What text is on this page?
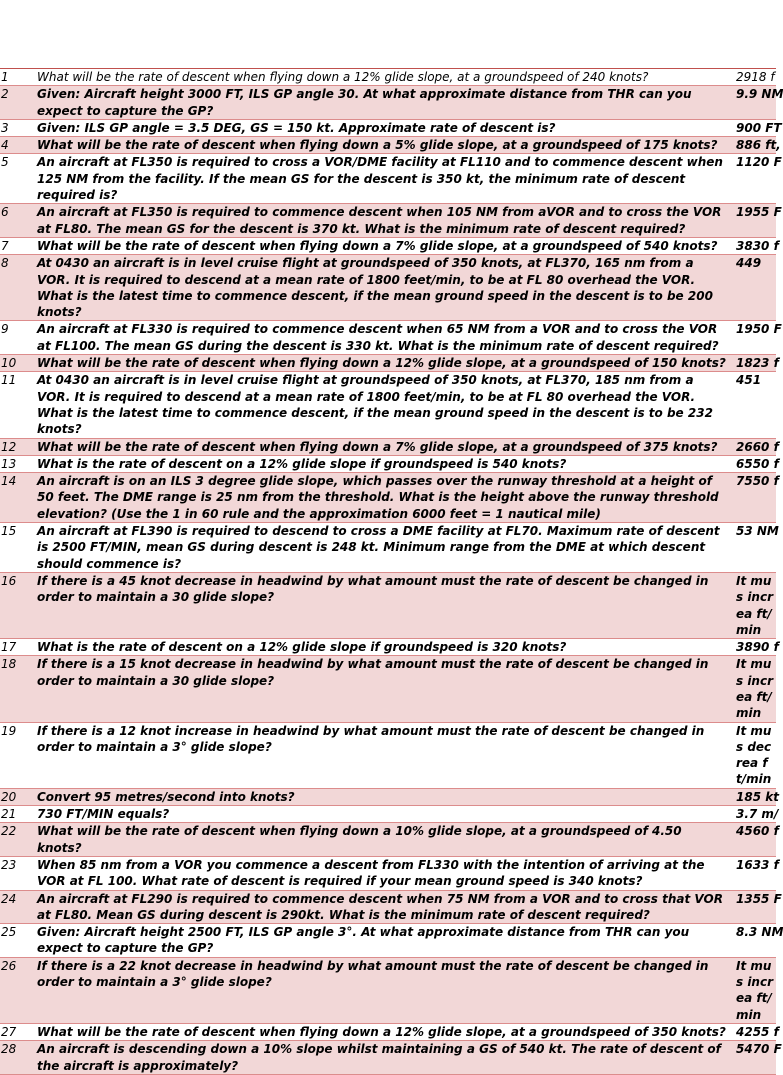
1	What will be the rate of descent when flying down a 12% glide slope, at a groundspeed of 240 knots?	2918 f
2	Given: Aircraft height 3000 FT, ILS GP angle 30. At what approximate distance from THR can you expect to capture the GP?	9.9 NM
3	Given: ILS GP angle = 3.5 DEG, GS = 150 kt. Approximate rate of descent is?	900 FT
4	What will be the rate of descent when flying down a 5% glide slope, at a groundspeed of 175 knots?	886 ft,
5	An aircraft at FL350 is required to cross a VOR/DME facility at FL110 and to commence descent when 125 NM from the facility. If the mean GS for the descent is 350 kt, the minimum rate of descent required is?	1120 F
6	An aircraft at FL350 is required to commence descent when 105 NM from aVOR and to cross the VOR at FL80. The mean GS for the descent is 370 kt. What is the minimum rate of descent required?	1955 F
7	What will be the rate of descent when flying down a 7% glide slope, at a groundspeed of 540 knots?	3830 f
8	At 0430 an aircraft is in level cruise flight at groundspeed of 350 knots, at FL370, 165 nm from a VOR. It is required to descend at a mean rate of 1800 feet/min, to be at FL 80 overhead the VOR. What is the latest time to commence descent, if the mean ground speed in the descent is to be 200 knots?	449
9	An aircraft at FL330 is required to commence descent when 65 NM from a VOR and to cross the VOR at FL100. The mean GS during the descent is 330 kt. What is the minimum rate of descent required?	1950 F
10	What will be the rate of descent when flying down a 12% glide slope, at a groundspeed of 150 knots?	1823 f
11	At 0430 an aircraft is in level cruise flight at groundspeed of 350 knots, at FL370, 185 nm from a VOR. It is required to descend at a mean rate of 1800 feet/min, to be at FL 80 overhead the VOR. What is the latest time to commence descent, if the mean ground speed in the descent is to be 232 knots?	451
12	What will be the rate of descent when flying down a 7% glide slope, at a groundspeed of 375 knots?	2660 f
13	What is the rate of descent on a 12% glide slope if groundspeed is 540 knots?	6550 f
14	An aircraft is on an ILS 3 degree glide slope, which passes over the runway threshold at a height of 50 feet. The DME range is 25 nm from the threshold. What is the height above the runway threshold elevation? (Use the 1 in 60 rule and the approximation 6000 feet = 1 nautical mile)	7550 f
15	An aircraft at FL390 is required to descend to cross a DME facility at FL70. Maximum rate of descent is 2500 FT/MIN, mean GS during descent is 248 kt. Minimum range from the DME at which descent should commence is?	53 NM
16	If there is a 45 knot decrease in headwind by what amount must the rate of descent be changed in order to maintain a 30 glide slope?	It mus increa ft/min
17	What is the rate of descent on a 12% glide slope if groundspeed is 320 knots?	3890 f
18	If there is a 15 knot decrease in headwind by what amount must the rate of descent be changed in order to maintain a 30 glide slope?	It mus increa ft/min
19	If there is a 12 knot increase in headwind by what amount must the rate of descent be changed in order to maintain a 3° glide slope?	It mus decrea ft/min
20	Convert 95 metres/second into knots?	185 kt
21	730 FT/MIN equals?	3.7 m/
22	What will be the rate of descent when flying down a 10% glide slope, at a groundspeed of 4.50 knots?	4560 f
23	When 85 nm from a VOR you commence a descent from FL330 with the intention of arriving at the VOR at FL 100. What rate of descent is required if your mean ground speed is 340 knots?	1633 f
24	An aircraft at FL290 is required to commence descent when 75 NM from a VOR and to cross that VOR at FL80. Mean GS during descent is 290kt. What is the minimum rate of descent required?	1355 F
25	Given: Aircraft height 2500 FT, ILS GP angle 3°. At what approximate distance from THR can you expect to capture the GP?	8.3 NM
26	If there is a 22 knot decrease in headwind by what amount must the rate of descent be changed in order to maintain a 3° glide slope?	It mus increa ft/min
27	What will be the rate of descent when flying down a 12% glide slope, at a groundspeed of 350 knots?	4255 f
28	An aircraft is descending down a 10% slope whilst maintaining a GS of 540 kt. The rate of descent of the aircraft is approximately?	5470 F
